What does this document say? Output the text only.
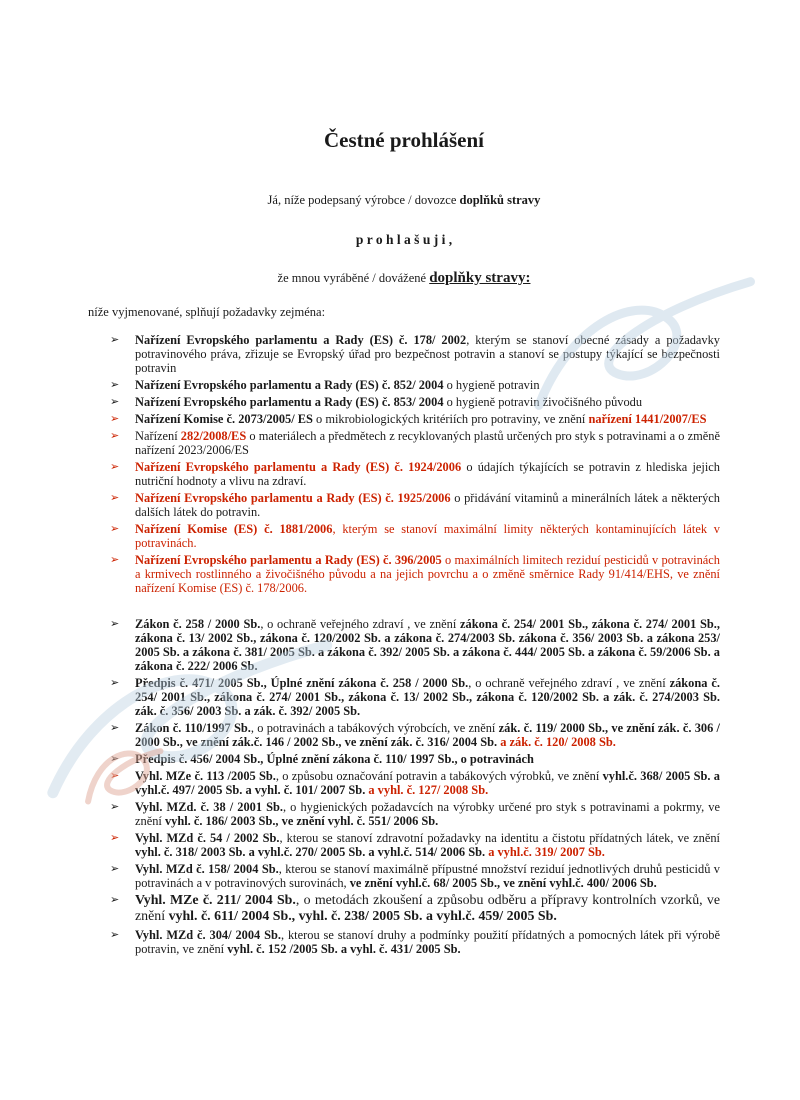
Čestné prohlášení

Já, níže podepsaný výrobce / dovozce doplňků stravy

p r o h l a š u j i ,

že mnou vyráběné / dovážené doplňky stravy:

níže vyjmenované, splňují požadavky zejména:

➢	Nařízení Evropského parlamentu a Rady (ES) č. 178/ 2002, kterým se stanoví obecné zásady a požadavky potravinového práva, zřizuje se Evropský úřad pro bezpečnost potravin a stanoví se postupy týkající se bezpečnosti potravin

➢	Nařízení Evropského parlamentu a Rady (ES) č. 852/ 2004 o hygieně potravin

➢	Nařízení Evropského parlamentu a Rady (ES) č. 853/ 2004 o hygieně potravin živočišného původu

➢	Nařízení Komise č. 2073/2005/ ES o mikrobiologických kritériích pro potraviny, ve znění nařízení 1441/2007/ES

➢	Nařízení 282/2008/ES o materiálech a předmětech z recyklovaných plastů určených pro styk s potravinami a o změně nařízení 2023/2006/ES

➢	Nařízení Evropského parlamentu a Rady (ES) č. 1924/2006 o údajích týkajících se potravin z hlediska jejich nutriční hodnoty a vlivu na zdraví.

➢	Nařízení Evropského parlamentu a Rady (ES) č. 1925/2006 o přidávání vitaminů a minerálních látek a některých dalších látek do potravin.

➢	Nařízení Komise (ES) č. 1881/2006, kterým se stanoví maximální limity některých kontaminujících látek v potravinách.

➢	Nařízení Evropského parlamentu a Rady (ES) č. 396/2005 o maximálních limitech reziduí pesticidů v potravinách a krmivech rostlinného a živočišného původu a na jejich povrchu a o změně směrnice Rady 91/414/EHS, ve znění nařízení Komise (ES) č. 178/2006.

➢	Zákon č. 258 / 2000 Sb., o ochraně veřejného zdraví , ve znění zákona č. 254/ 2001 Sb., zákona č. 274/ 2001 Sb., zákona č. 13/ 2002 Sb., zákona č. 120/2002 Sb. a zákona č. 274/2003 Sb. zákona č. 356/ 2003 Sb. a zákona 253/ 2005 Sb. a zákona č. 381/ 2005 Sb. a zákona č. 392/ 2005 Sb. a zákona č. 444/ 2005 Sb. a zákona č. 59/2006 Sb. a zákona č. 222/ 2006 Sb.

➢	Předpis č. 471/ 2005 Sb., Úplné znění zákona č. 258 / 2000 Sb., o ochraně veřejného zdraví , ve znění zákona č. 254/ 2001 Sb., zákona č. 274/ 2001 Sb., zákona č. 13/ 2002 Sb., zákona č. 120/2002 Sb. a zák. č. 274/2003 Sb. zák. č. 356/ 2003 Sb. a zák. č. 392/ 2005 Sb.

➢	Zákon č. 110/1997 Sb., o potravinách a tabákových výrobcích, ve znění zák. č. 119/ 2000 Sb., ve znění zák. č. 306 / 2000 Sb., ve znění zák.č. 146 / 2002 Sb., ve znění zák. č. 316/ 2004 Sb. a zák. č. 120/ 2008 Sb.

➢	Předpis č. 456/ 2004 Sb., Úplné znění zákona č. 110/ 1997 Sb., o potravinách

➢	Vyhl. MZe č. 113 /2005 Sb., o způsobu označování potravin a tabákových výrobků, ve znění vyhl.č. 368/ 2005 Sb. a vyhl.č. 497/ 2005 Sb. a vyhl. č. 101/ 2007 Sb. a vyhl. č. 127/ 2008 Sb.

➢	Vyhl. MZd. č. 38 / 2001 Sb., o hygienických požadavcích na výrobky určené pro styk s potravinami a pokrmy, ve znění vyhl. č. 186/ 2003 Sb., ve znění vyhl. č. 551/ 2006 Sb.

➢	Vyhl. MZd č. 54 / 2002 Sb., kterou se stanoví zdravotní požadavky na identitu a čistotu přídatných látek, ve znění vyhl. č. 318/ 2003 Sb. a vyhl.č. 270/ 2005 Sb. a vyhl.č. 514/ 2006 Sb. a vyhl.č. 319/ 2007 Sb.

➢	Vyhl. MZd č. 158/ 2004 Sb., kterou se stanoví maximálně přípustné množství reziduí jednotlivých druhů pesticidů v potravinách a v potravinových surovinách, ve znění vyhl.č. 68/ 2005 Sb., ve znění vyhl.č. 400/ 2006 Sb.

➢	Vyhl. MZe č. 211/ 2004 Sb., o metodách zkoušení a způsobu odběru a přípravy kontrolních vzorků, ve znění vyhl. č. 611/ 2004 Sb., vyhl. č. 238/ 2005 Sb. a vyhl.č. 459/ 2005 Sb.

➢	Vyhl. MZd č. 304/ 2004 Sb., kterou se stanoví druhy a podmínky použití přídatných a pomocných látek při výrobě potravin, ve znění vyhl. č. 152 /2005 Sb. a vyhl. č. 431/ 2005 Sb.
